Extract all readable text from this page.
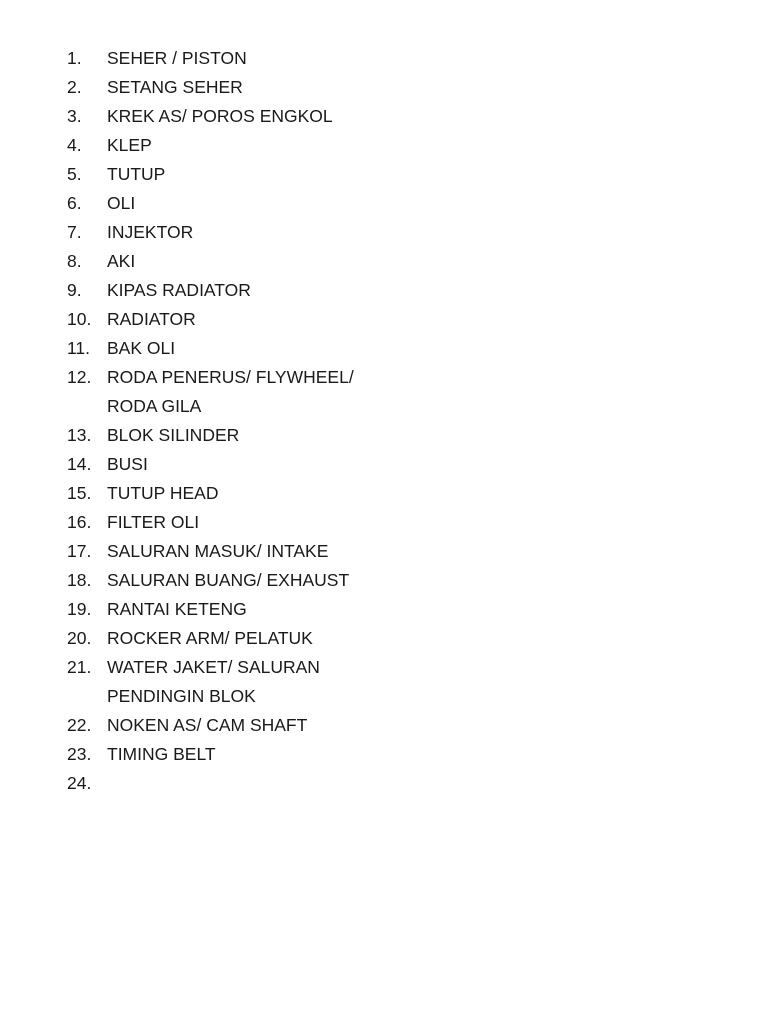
1.	SEHER / PISTON
2.	SETANG SEHER
3.	KREK AS/ POROS ENGKOL
4.	KLEP
5.	TUTUP
6.	OLI
7.	INJEKTOR
8.	AKI
9.	KIPAS RADIATOR
10. RADIATOR
11. BAK OLI
12. RODA PENERUS/ FLYWHEEL/ RODA GILA
13. BLOK SILINDER
14. BUSI
15. TUTUP HEAD
16. FILTER OLI
17. SALURAN MASUK/ INTAKE
18. SALURAN BUANG/ EXHAUST
19. RANTAI KETENG
20. ROCKER ARM/ PELATUK
21. WATER JAKET/ SALURAN PENDINGIN BLOK
22. NOKEN AS/ CAM SHAFT
23. TIMING BELT
24.
